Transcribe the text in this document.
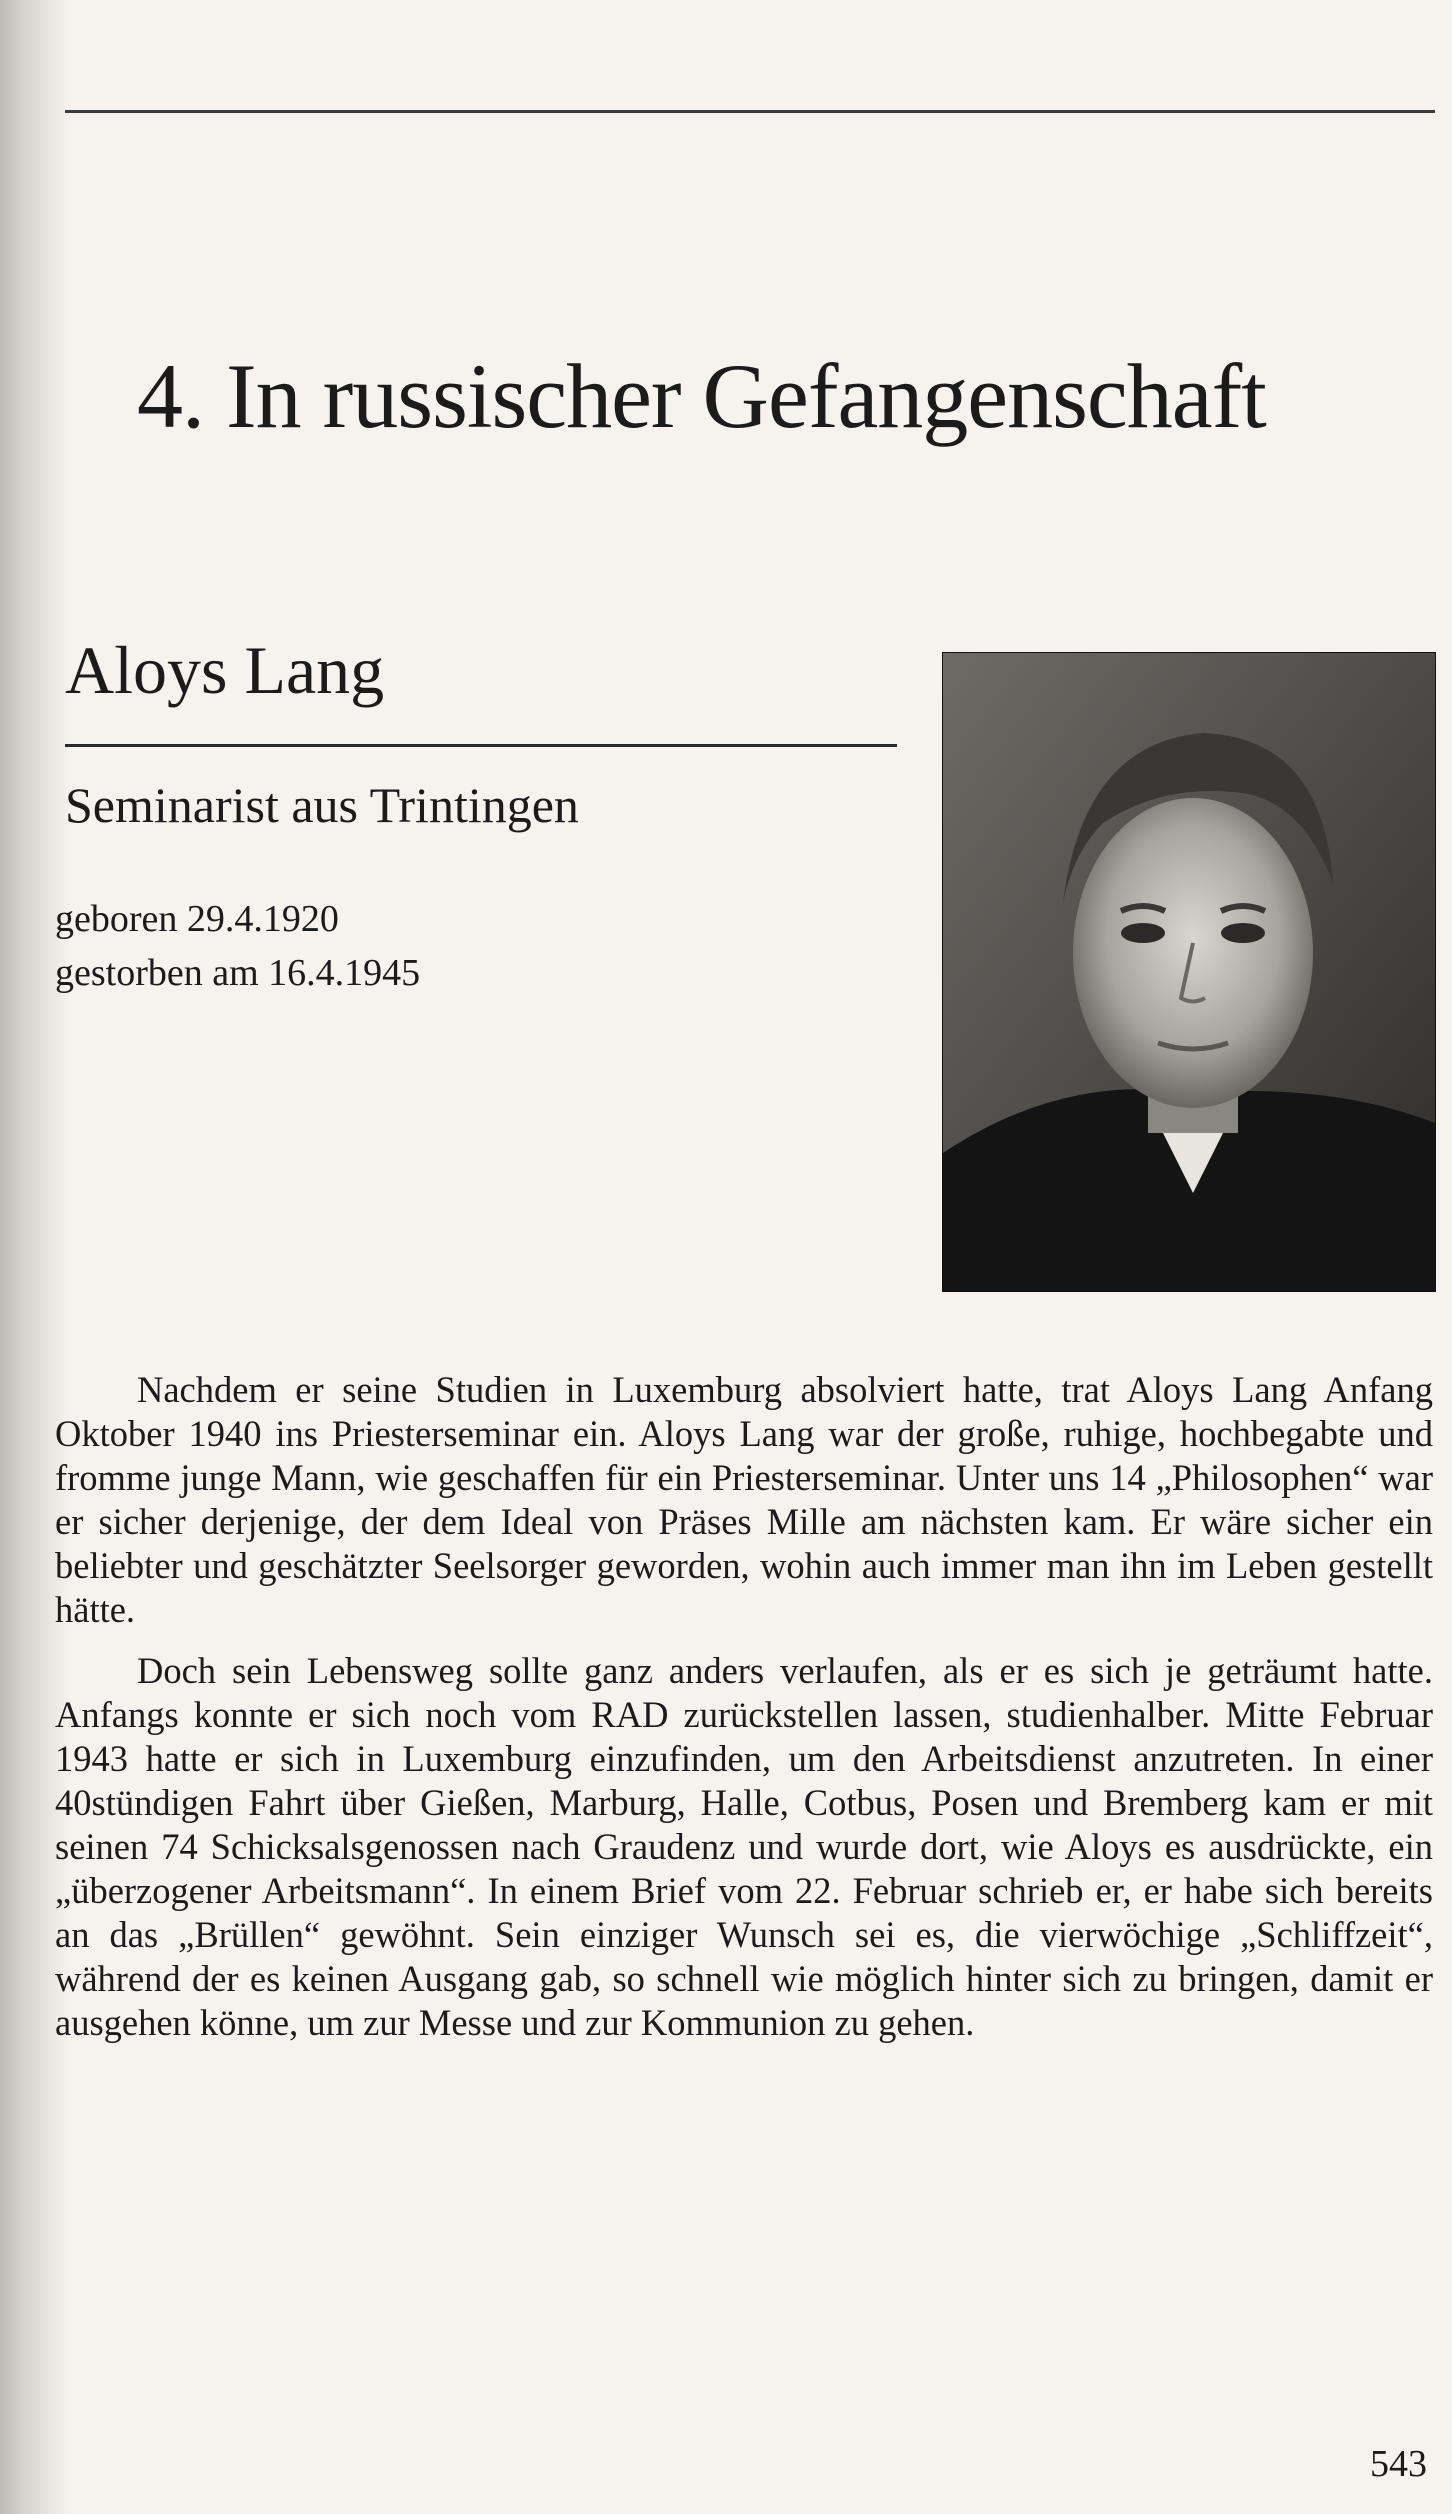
4. In russischer Gefangenschaft
Aloys Lang
Seminarist aus Trintingen
geboren 29.4.1920
gestorben am 16.4.1945

Nachdem er seine Studien in Luxemburg absolviert hatte, trat Aloys Lang Anfang Oktober 1940 ins Priesterseminar ein. Aloys Lang war der große, ruhige, hochbegabte und fromme junge Mann, wie geschaffen für ein Priesterseminar. Unter uns 14 „Philosophen“ war er sicher derjenige, der dem Ideal von Präses Mille am nächsten kam. Er wäre sicher ein beliebter und geschätzter Seelsorger geworden, wohin auch immer man ihn im Leben gestellt hätte.

Doch sein Lebensweg sollte ganz anders verlaufen, als er es sich je geträumt hatte. Anfangs konnte er sich noch vom RAD zurückstellen lassen, studienhalber. Mitte Februar 1943 hatte er sich in Luxemburg einzufinden, um den Arbeitsdienst anzutreten. In einer 40stündigen Fahrt über Gießen, Marburg, Halle, Cotbus, Posen und Bremberg kam er mit seinen 74 Schicksalsgenossen nach Graudenz und wurde dort, wie Aloys es ausdrückte, ein „überzogener Arbeitsmann“. In einem Brief vom 22. Februar schrieb er, er habe sich bereits an das „Brüllen“ gewöhnt. Sein einziger Wunsch sei es, die vierwöchige „Schliffzeit“, während der es keinen Ausgang gab, so schnell wie möglich hinter sich zu bringen, damit er ausgehen könne, um zur Messe und zur Kommunion zu gehen.

543
